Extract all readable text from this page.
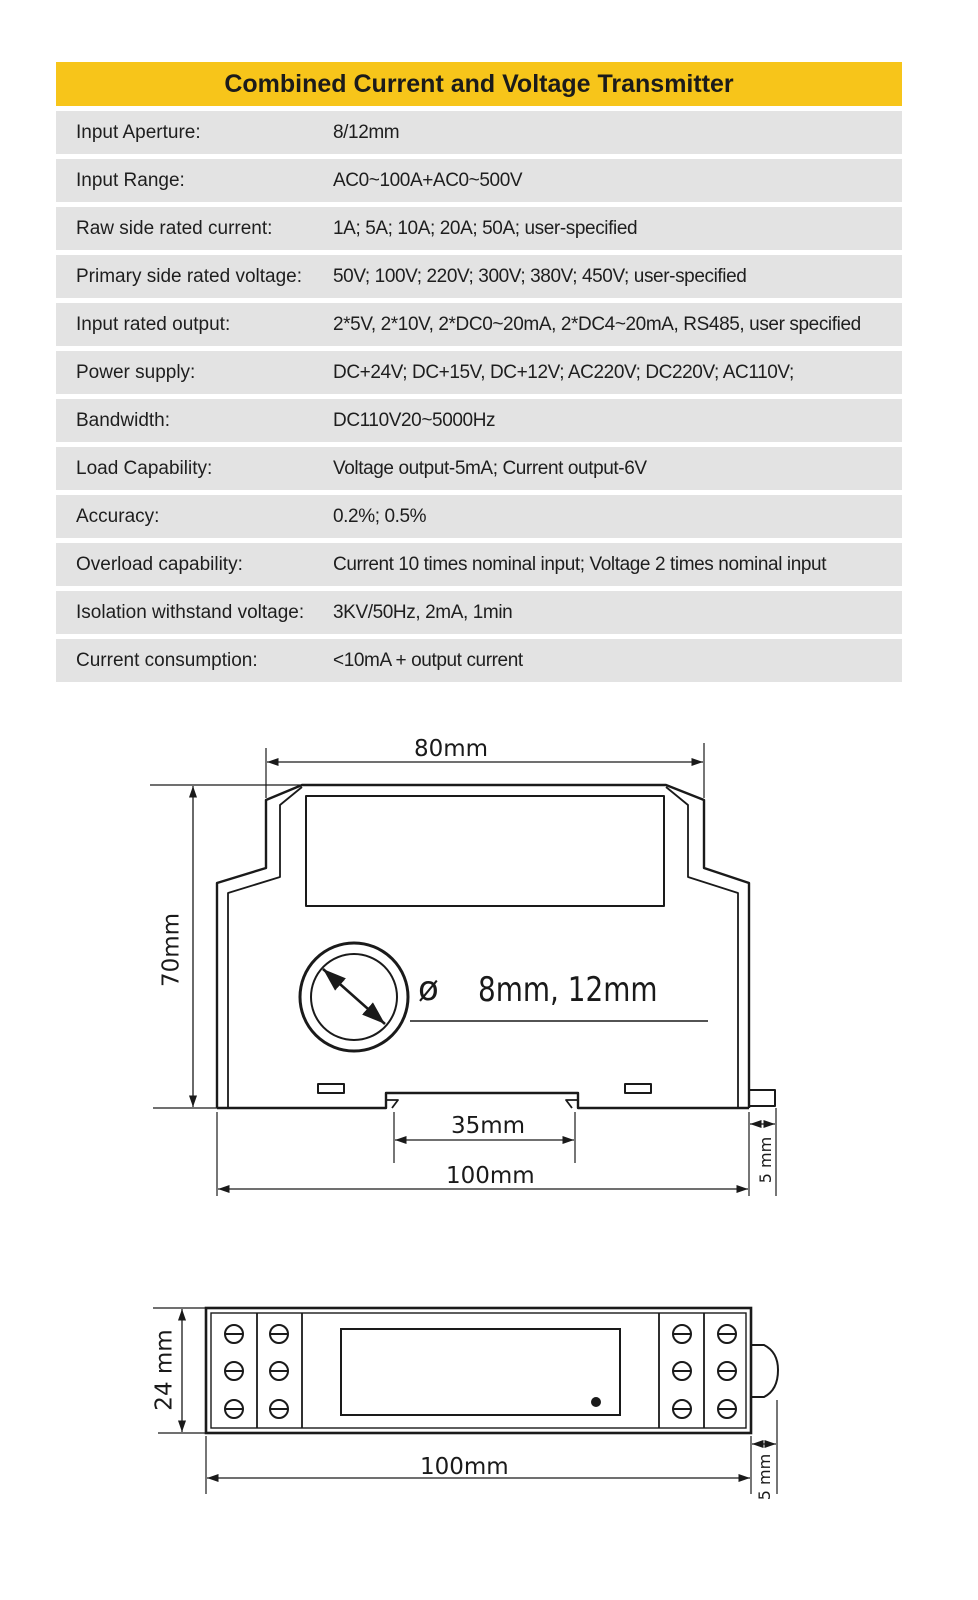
Combined Current and Voltage Transmitter
Input Aperture:	8/12mm
Input Range:	AC0~100A+AC0~500V
Raw side rated current:	1A; 5A; 10A; 20A; 50A; user-specified
Primary side rated voltage:	50V; 100V; 220V; 300V; 380V; 450V; user-specified
Input rated output:	2*5V, 2*10V, 2*DC0~20mA, 2*DC4~20mA, RS485, user specified
Power supply:	DC+24V; DC+15V, DC+12V; AC220V; DC220V; AC110V;
Bandwidth:	DC110V20~5000Hz
Load Capability:	Voltage output-5mA; Current output-6V
Accuracy:	0.2%; 0.5%
Overload capability:	Current 10 times nominal input; Voltage 2 times nominal input
Isolation withstand voltage:	3KV/50Hz, 2mA, 1min
Current consumption:	<10mA + output current
80mm
70mm
ø 8mm, 12mm
35mm
100mm	5 mm
24 mm
100mm	5 mm
